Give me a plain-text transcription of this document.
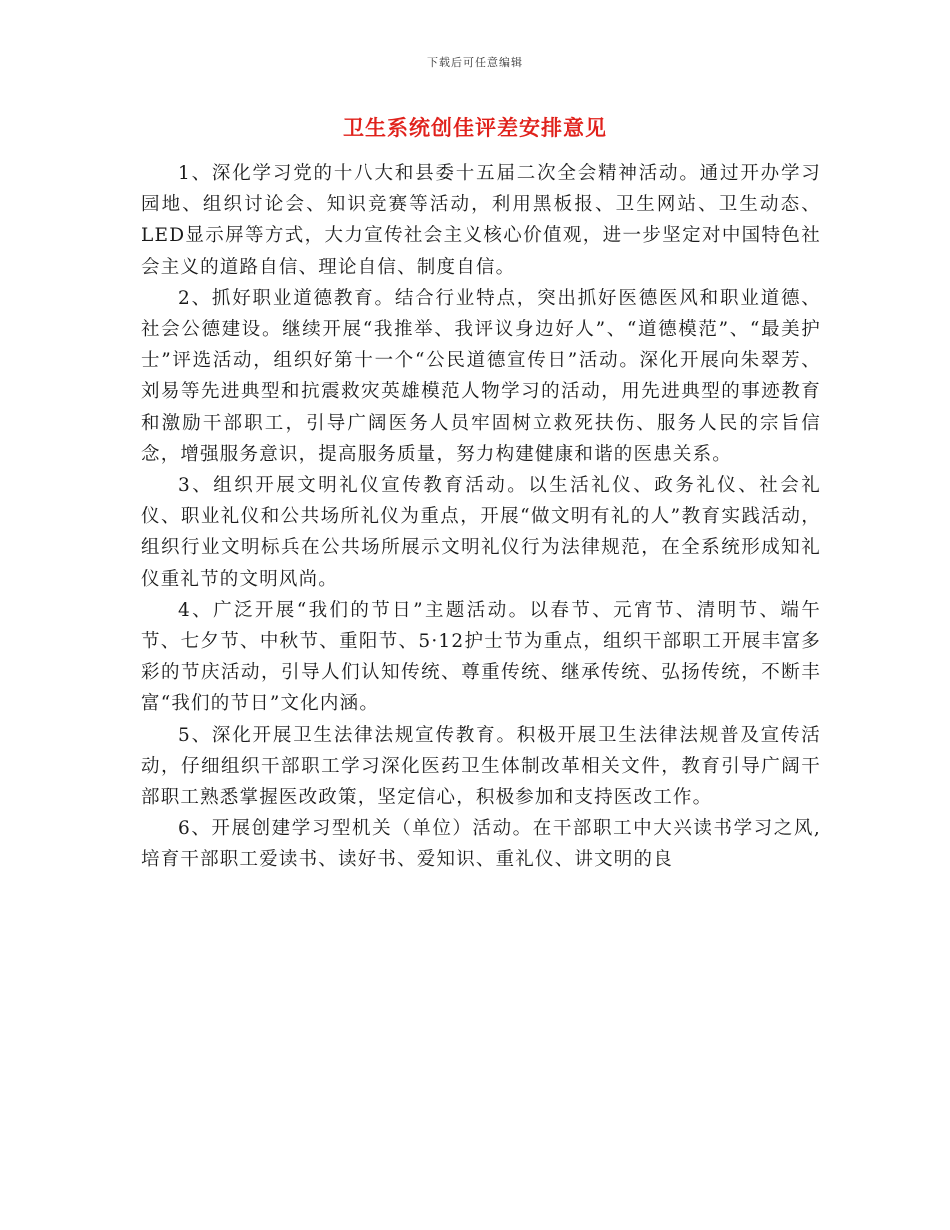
下载后可任意编辑
卫生系统创佳评差安排意见

1、深化学习党的十八大和县委十五届二次全会精神活动。通过开办学习园地、组织讨论会、知识竞赛等活动，利用黑板报、卫生网站、卫生动态、LED显示屏等方式，大力宣传社会主义核心价值观，进一步坚定对中国特色社会主义的道路自信、理论自信、制度自信。

2、抓好职业道德教育。结合行业特点，突出抓好医德医风和职业道德、社会公德建设。继续开展“我推举、我评议身边好人”、“道德模范”、“最美护士”评选活动，组织好第十一个“公民道德宣传日”活动。深化开展向朱翠芳、刘易等先进典型和抗震救灾英雄模范人物学习的活动，用先进典型的事迹教育和激励干部职工，引导广阔医务人员牢固树立救死扶伤、服务人民的宗旨信念，增强服务意识，提高服务质量，努力构建健康和谐的医患关系。

3、组织开展文明礼仪宣传教育活动。以生活礼仪、政务礼仪、社会礼仪、职业礼仪和公共场所礼仪为重点，开展“做文明有礼的人”教育实践活动，组织行业文明标兵在公共场所展示文明礼仪行为法律规范，在全系统形成知礼仪重礼节的文明风尚。

4、广泛开展“我们的节日”主题活动。以春节、元宵节、清明节、端午节、七夕节、中秋节、重阳节、5·12护士节为重点，组织干部职工开展丰富多彩的节庆活动，引导人们认知传统、尊重传统、继承传统、弘扬传统，不断丰富“我们的节日”文化内涵。

5、深化开展卫生法律法规宣传教育。积极开展卫生法律法规普及宣传活动，仔细组织干部职工学习深化医药卫生体制改革相关文件，教育引导广阔干部职工熟悉掌握医改政策，坚定信心，积极参加和支持医改工作。

6、开展创建学习型机关（单位）活动。在干部职工中大兴读书学习之风,培育干部职工爱读书、读好书、爱知识、重礼仪、讲文明的良
